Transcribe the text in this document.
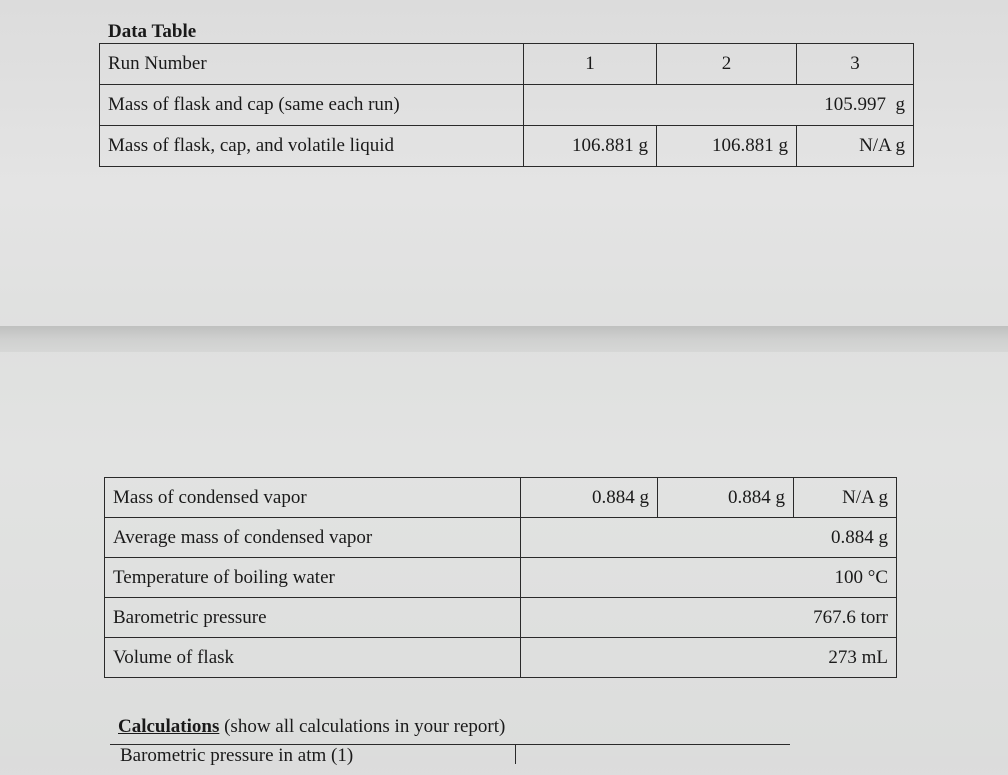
Data Table
Run Number	1	2	3
Mass of flask and cap (same each run)	105.997  g		
Mass of flask, cap, and volatile liquid	106.881 g	106.881 g	N/A g
Mass of condensed vapor	0.884 g	0.884 g	N/A g
Average mass of condensed vapor	0.884 g		
Temperature of boiling water	100 °C		
Barometric pressure	767.6 torr		
Volume of flask	273 mL		
Calculations (show all calculations in your report)
Barometric pressure in atm (1)
